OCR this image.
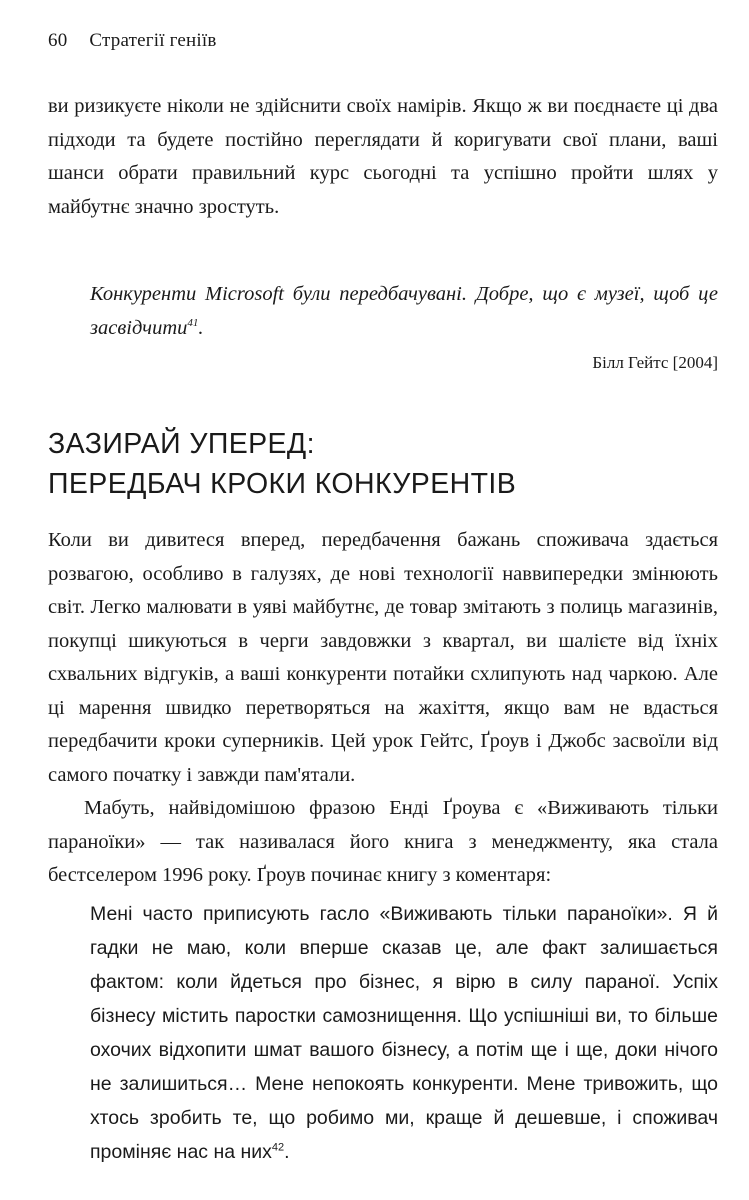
60 Стратегії геніїв

ви ризикуєте ніколи не здійснити своїх намірів. Якщо ж ви поєднаєте ці два підходи та будете постійно переглядати й коригувати свої плани, ваші шанси обрати правильний курс сьогодні та успішно пройти шлях у майбутнє значно зростуть.

Конкуренти Microsoft були передбачувані. Добре, що є музеї, щоб це засвідчити$^{41}$.

Білл Гейтс [2004]
ЗАЗИРАЙ УПЕРЕД:
ПЕРЕДБАЧ КРОКИ КОНКУРЕНТІВ

Коли ви дивитеся вперед, передбачення бажань споживача здається розвагою, особливо в галузях, де нові технології наввипередки змінюють світ. Легко малювати в уяві майбутнє, де товар змітають з полиць магазинів, покупці шикуються в черги завдовжки з квартал, ви шалієте від їхніх схвальних відгуків, а ваші конкуренти потайки схлипують над чаркою. Але ці марення швидко перетворяться на жахіття, якщо вам не вдасться передбачити кроки суперників. Цей урок Гейтс, Ґроув і Джобс засвоїли від самого початку і завжди пам'ятали.

Мабуть, найвідомішою фразою Енді Ґроува є «Виживають тільки параноїки» — так називалася його книга з менеджменту, яка стала бестселером 1996 року. Ґроув починає книгу з коментаря:

Мені часто приписують гасло «Виживають тільки параноїки». Я й гадки не маю, коли вперше сказав це, але факт залишається фактом: коли йдеться про бізнес, я вірю в силу параної. Успіх бізнесу містить паростки самознищення. Що успішніші ви, то більше охочих відхопити шмат вашого бізнесу, а потім ще і ще, доки нічого не залишиться… Мене непокоять конкуренти. Мене тривожить, що хтось зробить те, що робимо ми, краще й дешевше, і споживач проміняє нас на них$^{42}$.
